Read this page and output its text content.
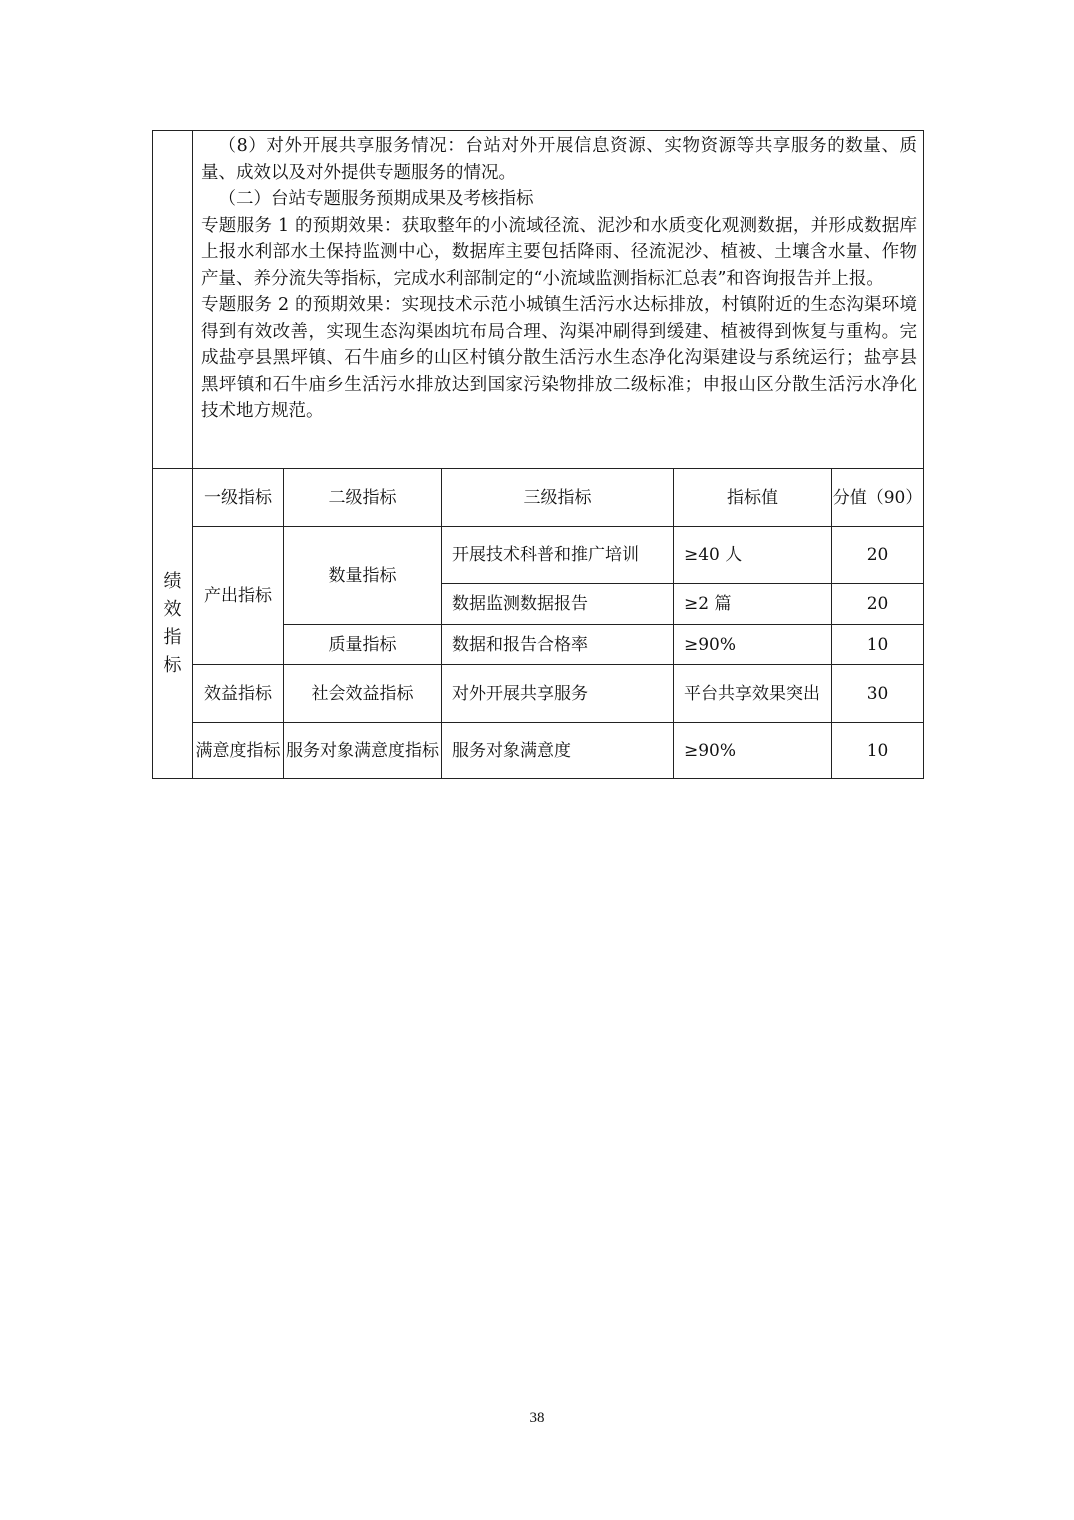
	（8）对外开展共享服务情况：台站对外开展信息资源、实物资源等共享服务的数量、质量、成效以及对外提供专题服务的情况。

（二）台站专题服务预期成果及考核指标

专题服务 1 的预期效果：获取整年的小流域径流、泥沙和水质变化观测数据，并形成数据库上报水利部水土保持监测中心，数据库主要包括降雨、径流泥沙、植被、土壤含水量、作物产量、养分流失等指标，完成水利部制定的“小流域监测指标汇总表”和咨询报告并上报。

专题服务 2 的预期效果：实现技术示范小城镇生活污水达标排放，村镇附近的生态沟渠环境得到有效改善，实现生态沟渠凼坑布局合理、沟渠冲刷得到缓建、植被得到恢复与重构。完成盐亭县黑坪镇、石牛庙乡的山区村镇分散生活污水生态净化沟渠建设与系统运行；盐亭县黑坪镇和石牛庙乡生活污水排放达到国家污染物排放二级标准；申报山区分散生活污水净化技术地方规范。				

绩
效
指
标	一级指标	二级指标	三级指标	指标值	分值（90）
	产出指标	数量指标	开展技术科普和推广培训	≥40 人	20
			数据监测数据报告	≥2 篇	20
		质量指标	数据和报告合格率	≥90%	10
	效益指标	社会效益指标	对外开展共享服务	平台共享效果突出	30
	满意度指标	服务对象满意度指标	服务对象满意度	≥90%	10
38
